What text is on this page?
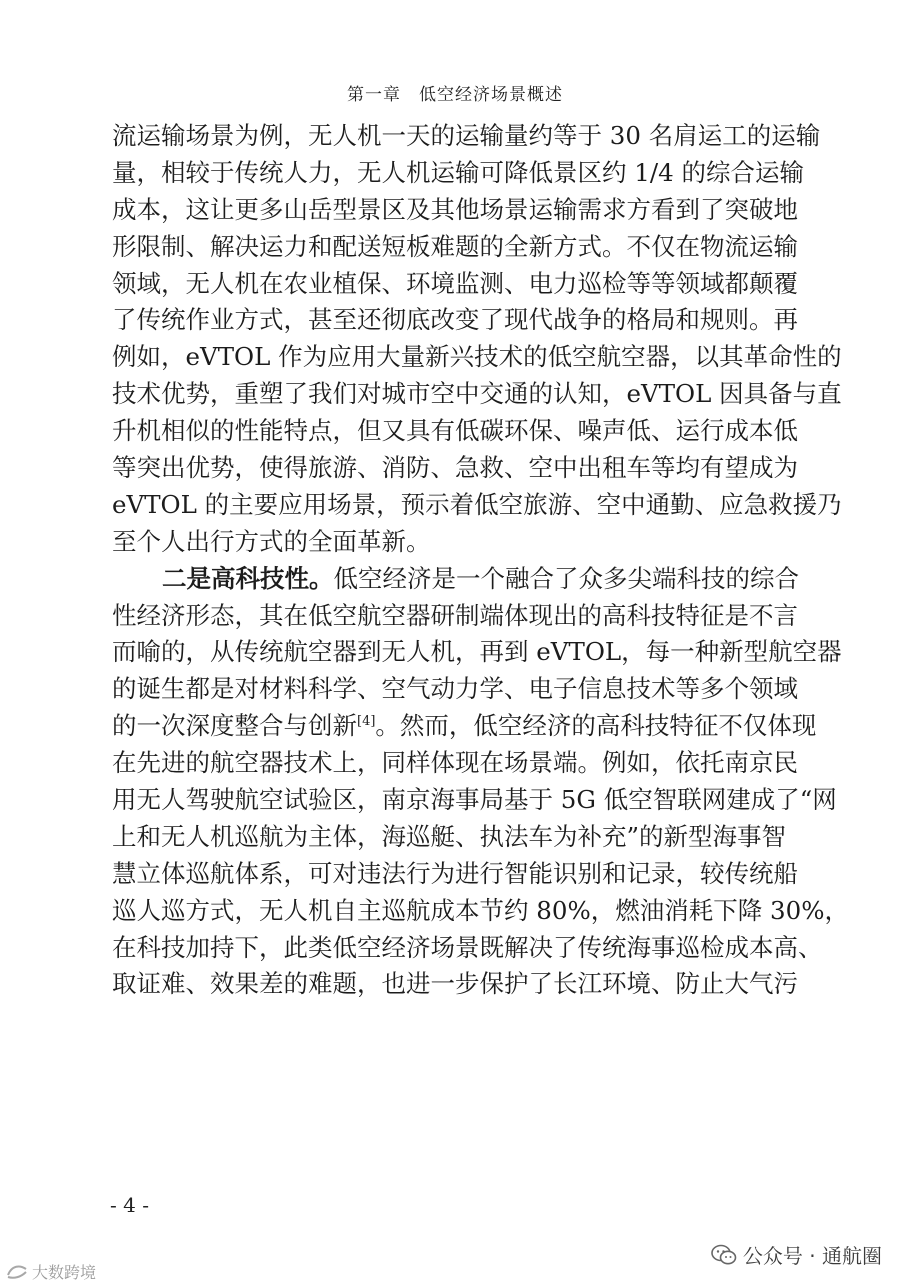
第一章 低空经济场景概述
流运输场景为例，无人机一天的运输量约等于 30 名肩运工的运输
量，相较于传统人力，无人机运输可降低景区约 1/4 的综合运输
成本，这让更多山岳型景区及其他场景运输需求方看到了突破地
形限制、解决运力和配送短板难题的全新方式。不仅在物流运输
领域，无人机在农业植保、环境监测、电力巡检等等领域都颠覆
了传统作业方式，甚至还彻底改变了现代战争的格局和规则。再
例如，eVTOL 作为应用大量新兴技术的低空航空器，以其革命性的
技术优势，重塑了我们对城市空中交通的认知，eVTOL 因具备与直
升机相似的性能特点，但又具有低碳环保、噪声低、运行成本低
等突出优势，使得旅游、消防、急救、空中出租车等均有望成为
eVTOL 的主要应用场景，预示着低空旅游、空中通勤、应急救援乃
至个人出行方式的全面革新。
二是高科技性。低空经济是一个融合了众多尖端科技的综合
性经济形态，其在低空航空器研制端体现出的高科技特征是不言
而喻的，从传统航空器到无人机，再到 eVTOL，每一种新型航空器
的诞生都是对材料科学、空气动力学、电子信息技术等多个领域
的一次深度整合与创新[4]。然而，低空经济的高科技特征不仅体现
在先进的航空器技术上，同样体现在场景端。例如，依托南京民
用无人驾驶航空试验区，南京海事局基于 5G 低空智联网建成了“网
上和无人机巡航为主体，海巡艇、执法车为补充”的新型海事智
慧立体巡航体系，可对违法行为进行智能识别和记录，较传统船
巡人巡方式，无人机自主巡航成本节约 80%，燃油消耗下降 30%，
在科技加持下，此类低空经济场景既解决了传统海事巡检成本高、
取证难、效果差的难题，也进一步保护了长江环境、防止大气污
- 4 -
公众号 · 通航圈
大数跨境
